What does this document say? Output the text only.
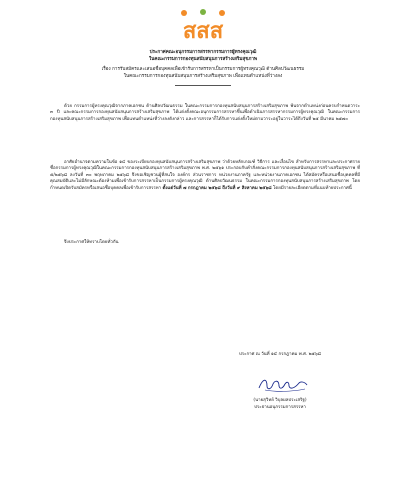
สสส
ประกาศคณะอนุกรรมการสรรหากรรมการผู้ทรงคุณวุฒิ
ในคณะกรรมการกองทุนสนับสนุนการสร้างเสริมสุขภาพ
เรื่อง การรับสมัครและเสนอชื่อบุคคลเพื่อเข้ารับการสรรหาเป็นกรรมการผู้ทรงคุณวุฒิ ด้านศิลปวัฒนธรรม
ในคณะกรรมการกองทุนสนับสนุนการสร้างเสริมสุขภาพ เพื่อแทนตำแหน่งที่ว่างลง

ด้วย กรรมการผู้ทรงคุณวุฒิจากภาคเอกชน ด้านศิลปวัฒนธรรม ในคณะกรรมการกองทุนสนับสนุนการสร้างเสริมสุขภาพ พ้นจากตำแหน่งก่อนครบกำหนดวาระ ๓ ปี และคณะกรรมการกองทุนสนับสนุนการสร้างเสริมสุขภาพ ได้แต่งตั้งคณะอนุกรรมการสรรหาขึ้นเพื่อดำเนินการสรรหากรรมการผู้ทรงคุณวุฒิ ในคณะกรรมการกองทุนสนับสนุนการสร้างเสริมสุขภาพ เพื่อแทนตำแหน่งที่ว่างลงดังกล่าว และการสรรหาก็ได้รับการแต่งตั้งใหม่ตามวาระอยู่ในวาระได้ถึงวันที่ ๒๕ มีนาคม ๒๕๗๐

อาศัยอำนาจตามความในข้อ ๑๔ ของระเบียบกองทุนสนับสนุนการสร้างเสริมสุขภาพ ว่าด้วยหลักเกณฑ์ วิธีการ และเงื่อนไข สำหรับการสรรหาและประกาศรายชื่อกรรมการผู้ทรงคุณวุฒิในคณะกรรมการกองทุนสนับสนุนการสร้างเสริมสุขภาพ พ.ศ. ๒๕๖๑ ประกอบกับคำสั่งคณะกรรมการกองทุนสนับสนุนการสร้างเสริมสุขภาพ ที่ ๕/๒๕๖๘ ลงวันที่ ๓๐ พฤษภาคม ๒๕๖๘ จึงขอเชิญชวนผู้ที่สนใจ องค์กร ส่วนราชการ หน่วยงานภาครัฐ และหน่วยงานภาคเอกชน ได้สมัครหรือเสนอชื่อบุคคลที่มีคุณสมบัติและไม่มีลักษณะต้องห้ามเพื่อเข้ารับการสรรหาเป็นกรรมการผู้ทรงคุณวุฒิ ด้านศิลปวัฒนธรรม ในคณะกรรมการกองทุนสนับสนุนการสร้างเสริมสุขภาพ โดยกำหนดเปิดรับสมัครหรือเสนอชื่อบุคคลเพื่อเข้ารับการสรรหา ตั้งแต่วันที่ ๗ กรกฎาคม ๒๕๖๘ ถึงวันที่ ๙ สิงหาคม ๒๕๖๘ โดยมีรายละเอียดตามที่แนบท้ายประกาศนี้

จึงประกาศให้ทราบโดยทั่วกัน

ประกาศ ณ วันที่ ๑๔ กรกฎาคม พ.ศ. ๒๕๖๘
(นายสุวิทย์ วิบุลผลประเสริฐ)
ประธานอนุกรรมการสรรหา
